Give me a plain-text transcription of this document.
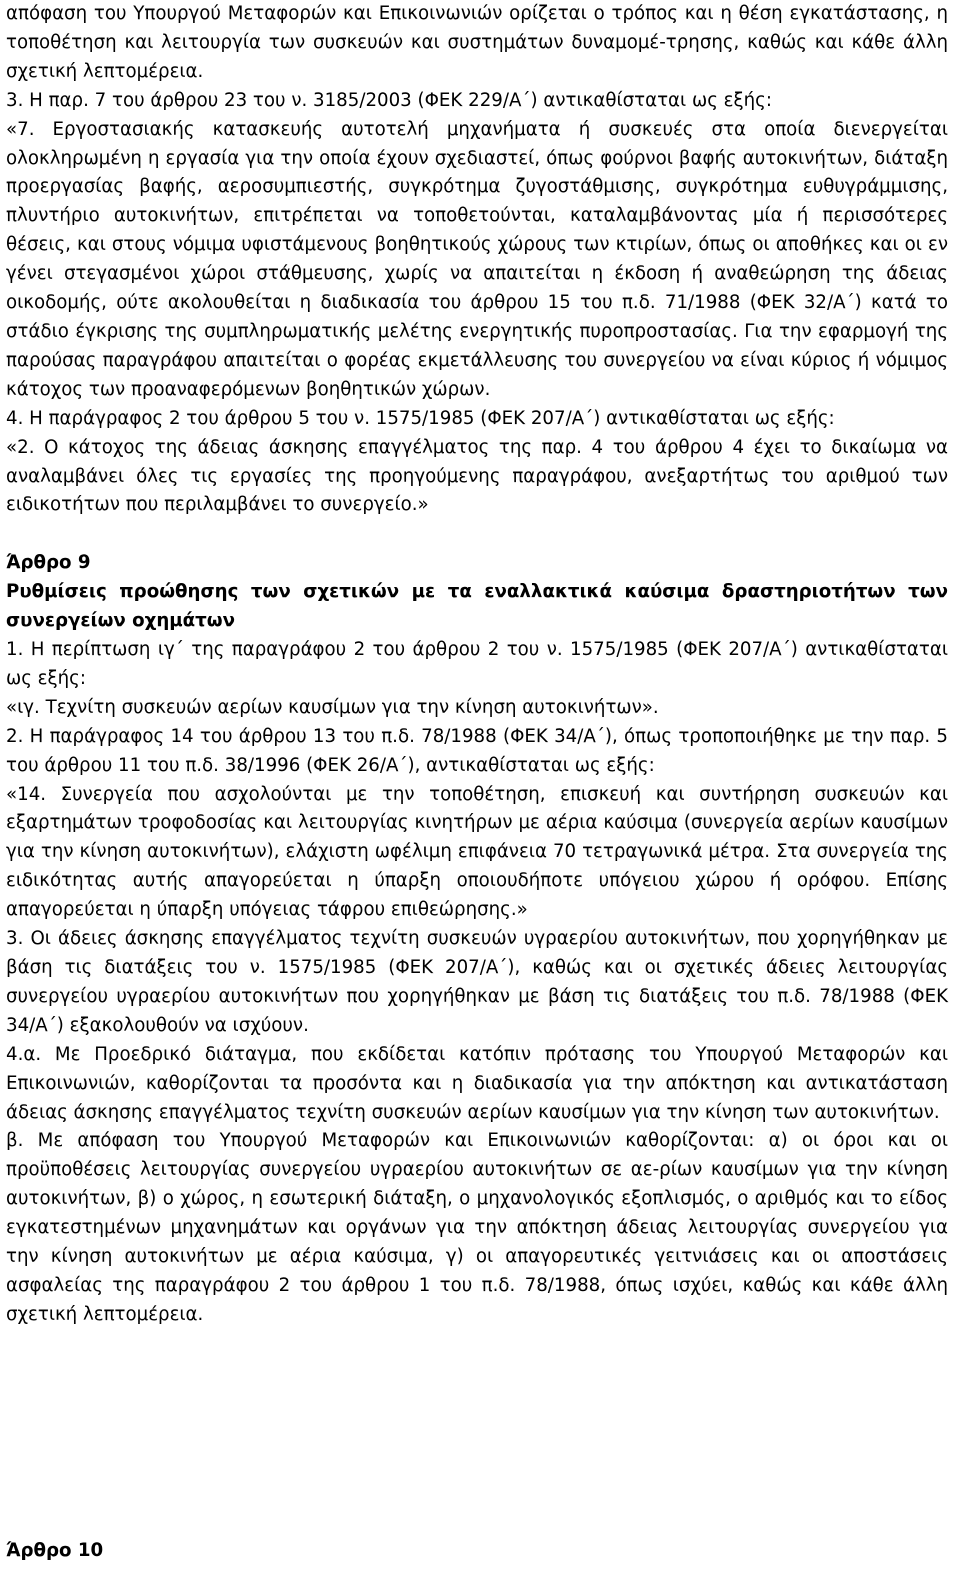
απόφαση του Υπουργού Μεταφορών και Επικοινωνιών ορίζεται ο τρόπος και η θέση εγκατάστασης, η τοποθέτηση και λειτουργία των συσκευών και συστημάτων δυναμομέ-τρησης, καθώς και κάθε άλλη σχετική λεπτομέρεια.

3. Η παρ. 7 του άρθρου 23 του ν. 3185/2003 (ΦΕΚ 229/Α΄) αντικαθίσταται ως εξής:

«7. Εργοστασιακής κατασκευής αυτοτελή μηχανήματα ή συσκευές στα οποία διενεργείται ολοκληρωμένη η εργασία για την οποία έχουν σχεδιαστεί, όπως φούρνοι βαφής αυτοκινήτων, διάταξη προεργασίας βαφής, αεροσυμπιεστής, συγκρότημα ζυγοστάθμισης, συγκρότημα ευθυγράμμισης, πλυντήριο αυτοκινήτων, επιτρέπεται να τοποθετούνται, καταλαμβάνοντας μία ή περισσότερες θέσεις, και στους νόμιμα υφιστάμενους βοηθητικούς χώρους των κτιρίων, όπως οι αποθήκες και οι εν γένει στεγασμένοι χώροι στάθμευσης, χωρίς να απαιτείται η έκδοση ή αναθεώρηση της άδειας οικοδομής, ούτε ακολουθείται η διαδικασία του άρθρου 15 του π.δ. 71/1988 (ΦΕΚ 32/Α΄) κατά το στάδιο έγκρισης της συμπληρωματικής μελέτης ενεργητικής πυροπροστασίας. Για την εφαρμογή της παρούσας παραγράφου απαιτείται ο φορέας εκμετάλλευσης του συνεργείου να είναι κύριος ή νόμιμος κάτοχος των προαναφερόμενων βοηθητικών χώρων.

4. Η παράγραφος 2 του άρθρου 5 του ν. 1575/1985 (ΦΕΚ 207/Α΄) αντικαθίσταται ως εξής:

«2. Ο κάτοχος της άδειας άσκησης επαγγέλματος της παρ. 4 του άρθρου 4 έχει το δικαίωμα να αναλαμβάνει όλες τις εργασίες της προηγούμενης παραγράφου, ανεξαρτήτως του αριθμού των ειδικοτήτων που περιλαμβάνει το συνεργείο.»

Άρθρο 9

Ρυθμίσεις προώθησης των σχετικών με τα εναλλακτικά καύσιμα δραστηριοτήτων των συνεργείων οχημάτων

1. Η περίπτωση ιγ΄ της παραγράφου 2 του άρθρου 2 του ν. 1575/1985 (ΦΕΚ 207/Α΄) αντικαθίσταται ως εξής:

«ιγ. Τεχνίτη συσκευών αερίων καυσίμων για την κίνηση αυτοκινήτων».

2. Η παράγραφος 14 του άρθρου 13 του π.δ. 78/1988 (ΦΕΚ 34/Α΄), όπως τροποποιήθηκε με την παρ. 5 του άρθρου 11 του π.δ. 38/1996 (ΦΕΚ 26/Α΄), αντικαθίσταται ως εξής:

«14. Συνεργεία που ασχολούνται με την τοποθέτηση, επισκευή και συντήρηση συσκευών και εξαρτημάτων τροφοδοσίας και λειτουργίας κινητήρων με αέρια καύσιμα (συνεργεία αερίων καυσίμων για την κίνηση αυτοκινήτων), ελάχιστη ωφέλιμη επιφάνεια 70 τετραγωνικά μέτρα. Στα συνεργεία της ειδικότητας αυτής απαγορεύεται η ύπαρξη οποιουδήποτε υπόγειου χώρου ή ορόφου. Επίσης απαγορεύεται η ύπαρξη υπόγειας τάφρου επιθεώρησης.»

3. Οι άδειες άσκησης επαγγέλματος τεχνίτη συσκευών υγραερίου αυτοκινήτων, που χορηγήθηκαν με βάση τις διατάξεις του ν. 1575/1985 (ΦΕΚ 207/Α΄), καθώς και οι σχετικές άδειες λειτουργίας συνεργείου υγραερίου αυτοκινήτων που χορηγήθηκαν με βάση τις διατάξεις του π.δ. 78/1988 (ΦΕΚ 34/Α΄) εξακολουθούν να ισχύουν.

4.α. Με Προεδρικό διάταγμα, που εκδίδεται κατόπιν πρότασης του Υπουργού Μεταφορών και Επικοινωνιών, καθορίζονται τα προσόντα και η διαδικασία για την απόκτηση και αντικατάσταση άδειας άσκησης επαγγέλματος τεχνίτη συσκευών αερίων καυσίμων για την κίνηση των αυτοκινήτων.

β. Με απόφαση του Υπουργού Μεταφορών και Επικοινωνιών καθορίζονται: α) οι όροι και οι προϋποθέσεις λειτουργίας συνεργείου υγραερίου αυτοκινήτων σε αε-ρίων καυσίμων για την κίνηση αυτοκινήτων, β) ο χώρος, η εσωτερική διάταξη, ο μηχανολογικός εξοπλισμός, ο αριθμός και το είδος εγκατεστημένων μηχανημάτων και οργάνων για την απόκτηση άδειας λειτουργίας συνεργείου για την κίνηση αυτοκινήτων με αέρια καύσιμα, γ) οι απαγορευτικές γειτνιάσεις και οι αποστάσεις ασφαλείας της παραγράφου 2 του άρθρου 1 του π.δ. 78/1988, όπως ισχύει, καθώς και κάθε άλλη σχετική λεπτομέρεια.

Άρθρο 10
